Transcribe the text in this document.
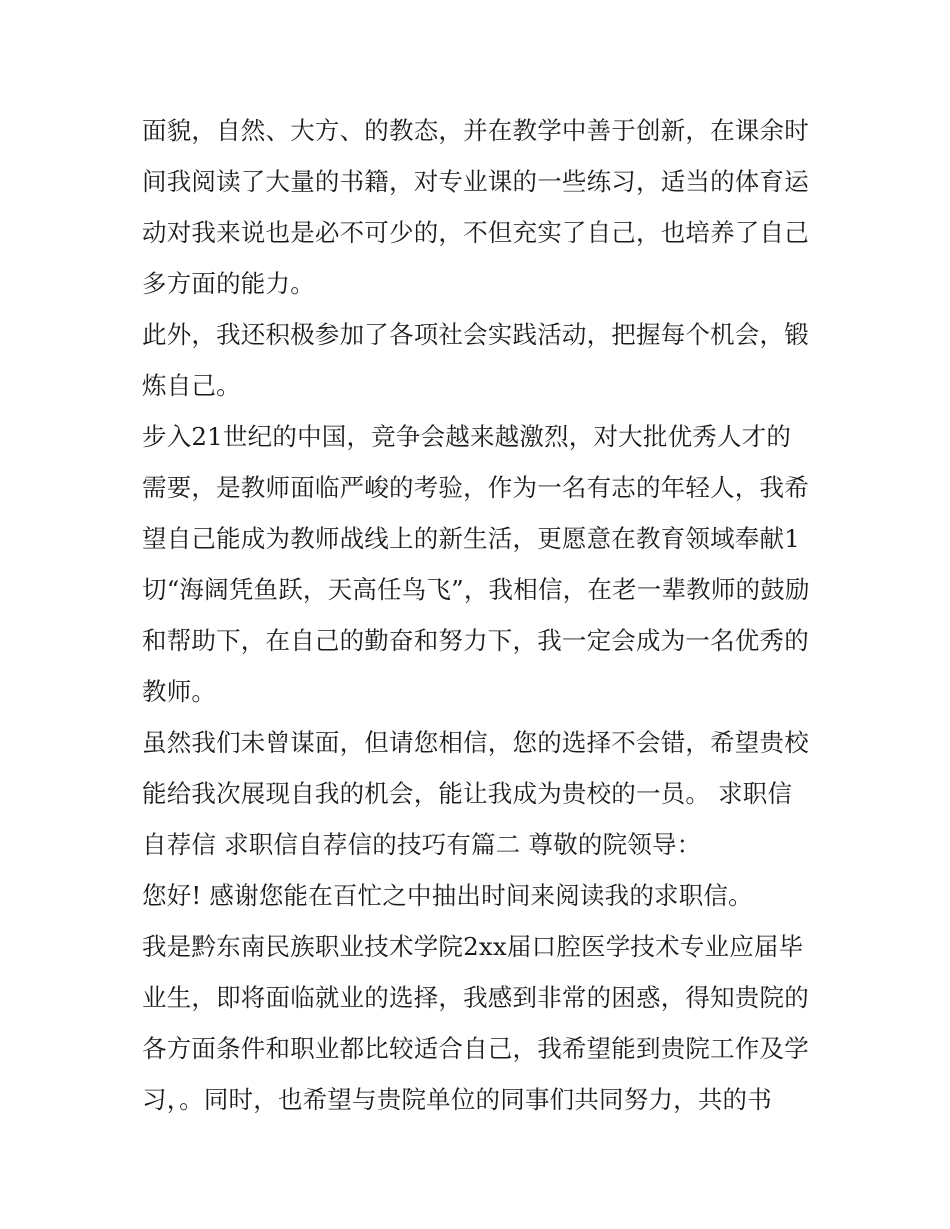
面貌，自然、大方、的教态，并在教学中善于创新，在课余时
间我阅读了大量的书籍，对专业课的一些练习，适当的体育运
动对我来说也是必不可少的，不但充实了自己，也培养了自己
多方面的能力。
此外，我还积极参加了各项社会实践活动，把握每个机会，锻
炼自己。
步入21世纪的中国，竞争会越来越激烈，对大批优秀人才的
需要，是教师面临严峻的考验，作为一名有志的年轻人，我希
望自己能成为教师战线上的新生活，更愿意在教育领域奉献1
切“海阔凭鱼跃，天高任鸟飞”，我相信，在老一辈教师的鼓励
和帮助下，在自己的勤奋和努力下，我一定会成为一名优秀的
教师。
虽然我们未曾谋面，但请您相信，您的选择不会错，希望贵校
能给我次展现自我的机会，能让我成为贵校的一员。 求职信
自荐信 求职信自荐信的技巧有篇二 尊敬的院领导：
您好! 感谢您能在百忙之中抽出时间来阅读我的求职信。
我是黔东南民族职业技术学院2xx届口腔医学技术专业应届毕
业生，即将面临就业的选择，我感到非常的困惑，得知贵院的
各方面条件和职业都比较适合自己，我希望能到贵院工作及学
习，。同时，也希望与贵院单位的同事们共同努力，共的书
